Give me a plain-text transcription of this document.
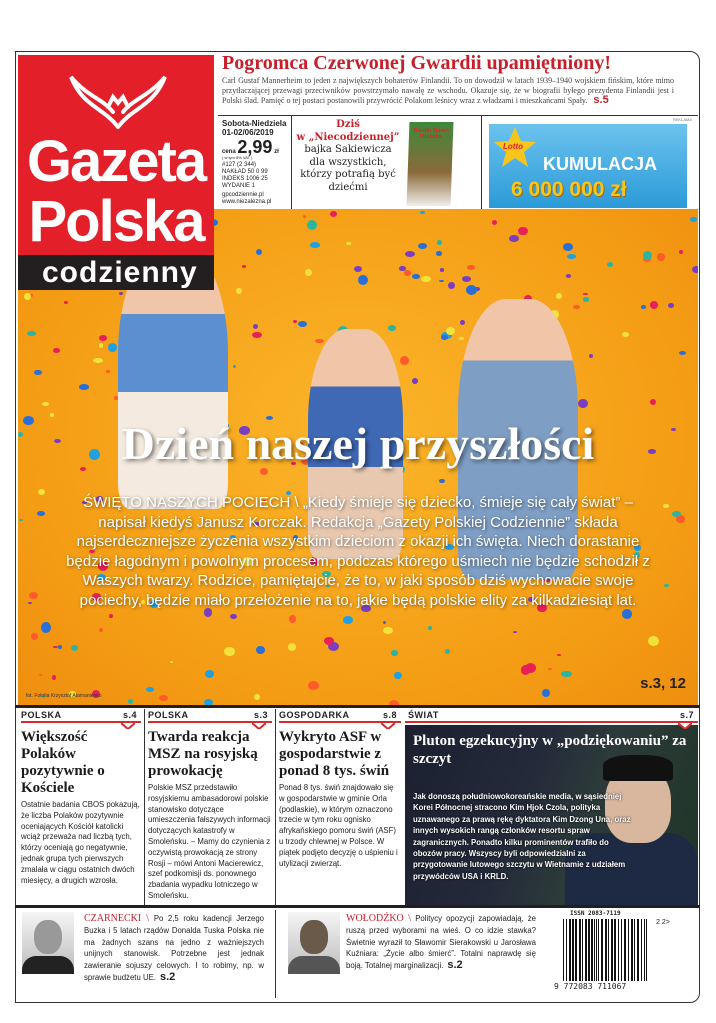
Gazeta
Polska
codzienny
Pogromca Czerwonej Gwardii upamiętniony!
Carl Gustaf Mannerheim to jeden z największych bohaterów Finlandii. To on dowodził w latach 1939–1940 wojskiem fińskim, które mimo przytłaczającej przewagi przeciwników powstrzymało nawałę ze wschodu. Okazuje się, że w biografii byłego prezydenta Finlandii jest i Polski ślad. Pamięć o tej postaci postanowili przywrócić Polakom leśnicy wraz z władzami i mieszkańcami Spały. s.5
Sobota-Niedziela
01-02/06/2019
cena 2,99 zł
( w tym 8% VAT )
#127 (2 344)
NAKŁAD 50 0 99
INDEKS 1006 25
WYDANIE 1
gpcodziennie.pl
www.niezalezna.pl
Dziś
w „Niecodziennej”
bajka Sakiewicza dla wszystkich, którzy potrafią być dziećmi
Smoki Dzień Dziecka
REKLAMA
Lotto
KUMULACJA
6 000 000 zł
Dzień naszej przyszłości
ŚWIĘTO NASZYCH POCIECH \ „Kiedy śmieje się dziecko, śmieje się cały świat” – napisał kiedyś Janusz Korczak. Redakcja „Gazety Polskiej Codziennie” składa najserdeczniejsze życzenia wszystkim dzieciom z okazji ich święta. Niech dorastanie będzie łagodnym i powolnym procesem, podczas którego uśmiech nie będzie schodził z Waszych twarzy. Rodzice, pamiętajcie, że to, w jaki sposób dziś wychowacie swoje pociechy, będzie miało przełożenie na to, jakie będą polskie elity za kilkadziesiąt lat.
s.3, 12
fot. Fotolia Krzysztof Atamanienko
POLSKA	s.4
Większość Polaków pozytywnie o Kościele

Ostatnie badania CBOS pokazują, że liczba Polaków pozytywnie oceniających Kościół katolicki wciąż przeważa nad liczbą tych, którzy oceniają go negatywnie, jednak grupa tych pierwszych zmalała w ciągu ostatnich dwóch miesięcy, a drugich wzrosła.

POLSKA	s.3
Twarda reakcja MSZ na rosyjską prowokację

Polskie MSZ przedstawiło rosyjskiemu ambasadorowi polskie stanowisko dotyczące umieszczenia fałszywych informacji dotyczących katastrofy w Smoleńsku. – Mamy do czynienia z oczywistą prowokacją ze strony Rosji – mówi Antoni Macierewicz, szef podkomisji ds. ponownego zbadania wypadku lotniczego w Smoleńsku.

GOSPODARKA	s.8
Wykryto ASF w gospodarstwie z ponad 8 tys. świń

Ponad 8 tys. świń znajdowało się w gospodarstwie w gminie Orla (podlaskie), w którym oznaczono trzecie w tym roku ognisko afrykańskiego pomoru świń (ASF) u trzody chlewnej w Polsce. W piątek podjęto decyzję o uśpieniu i utylizacji zwierząt.

ŚWIAT	s.7
Pluton egzekucyjny w „podziękowaniu” za szczyt

Jak donoszą południowokoreańskie media, w sąsiedniej Korei Północnej stracono Kim Hjok Czola, polityka uznawanego za prawą rękę dyktatora Kim Dzong Una, oraz innych wysokich rangą członków resortu spraw zagranicznych. Ponadto kilku prominentów trafiło do obozów pracy. Wszyscy byli odpowiedzialni za przygotowanie lutowego szczytu w Wietnamie z udziałem przywódców USA i KRLD.

CZARNECKI \ Po 2,5 roku kadencji Jerzego Buzka i 5 latach rządów Donalda Tuska Polska nie ma żadnych szans na jedno z ważniejszych unijnych stanowisk. Potrzebne jest jednak zawieranie sojuszy celowych. I to robimy, np. w sprawie budżetu UE. s.2

WOŁODŹKO \ Politycy opozycji zapowiadają, że ruszą przed wyborami na wieś. O co idzie stawka? Świetnie wyraził to Sławomir Sierakowski u Jarosława Kuźniara: „Życie albo śmierć”. Totalni naprawdę się boją. Totalnej marginalizacji. s.2

ISSN 2083-7119
2 2>
9 772083 711067
